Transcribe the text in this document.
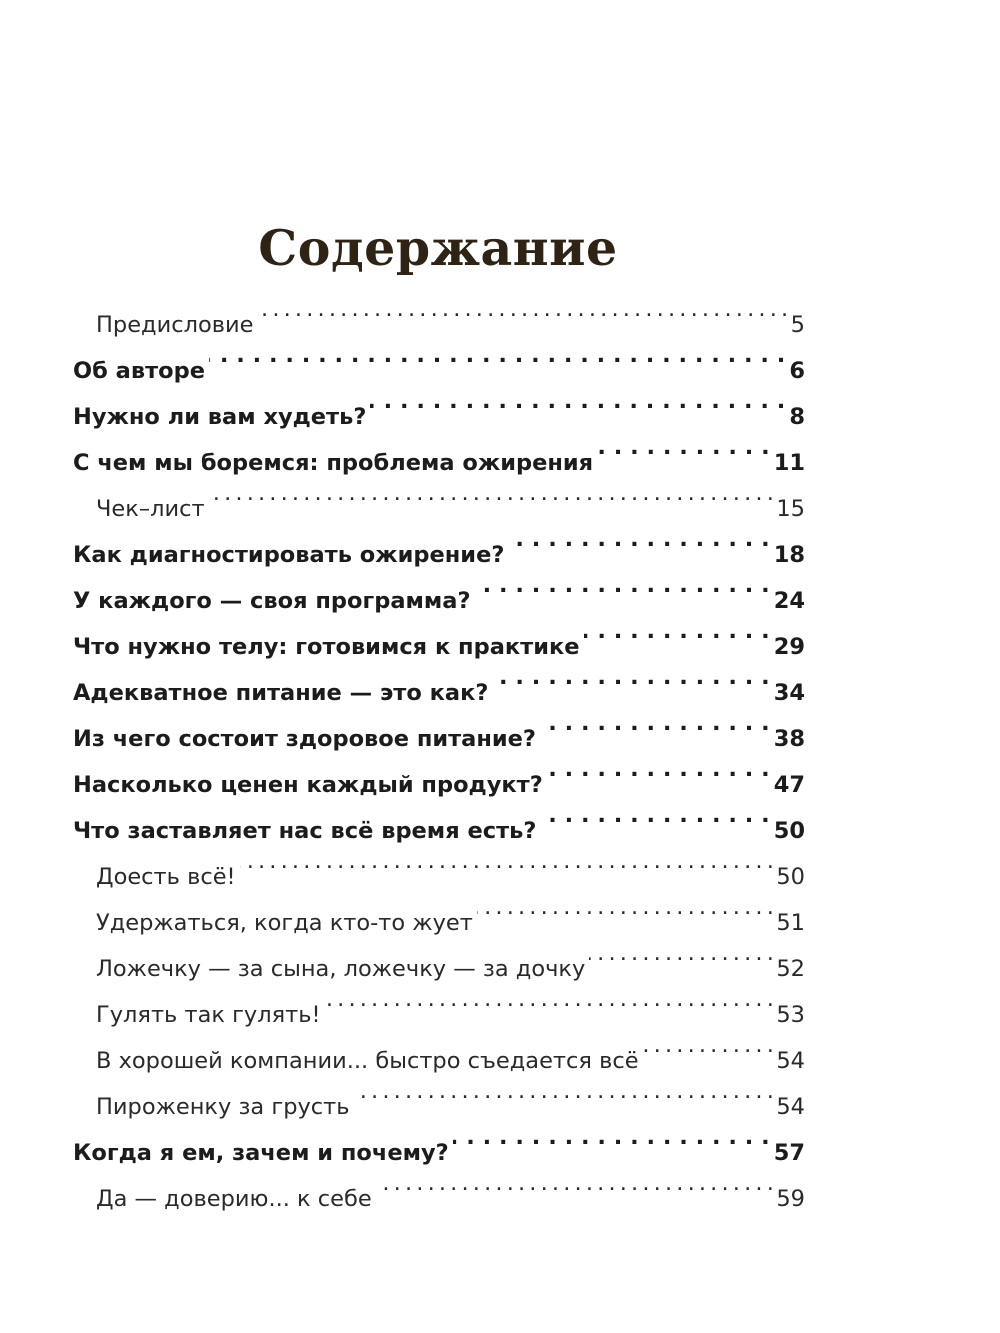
Содержание
Предисловие . . .	5
Об авторе . . .	6
Нужно ли вам худеть? . . .	8
С чем мы боремся: проблема ожирения . . .	11
Чек–лист . . .	15
Как диагностировать ожирение? . . .	18
У каждого — своя программа? . . .	24
Что нужно телу: готовимся к практике . . .	29
Адекватное питание — это как? . . .	34
Из чего состоит здоровое питание? . . .	38
Насколько ценен каждый продукт? . . .	47
Что заставляет нас всё время есть? . . .	50
Доесть всё! . . .	50
Удержаться, когда кто-то жует . . .	51
Ложечку — за сына, ложечку — за дочку . . .	52
Гулять так гулять! . . .	53
В хорошей компании... быстро съедается всё . . .	54
Пироженку за грусть . . .	54
Когда я ем, зачем и почему? . . .	57
Да — доверию... к себе . . .	59
